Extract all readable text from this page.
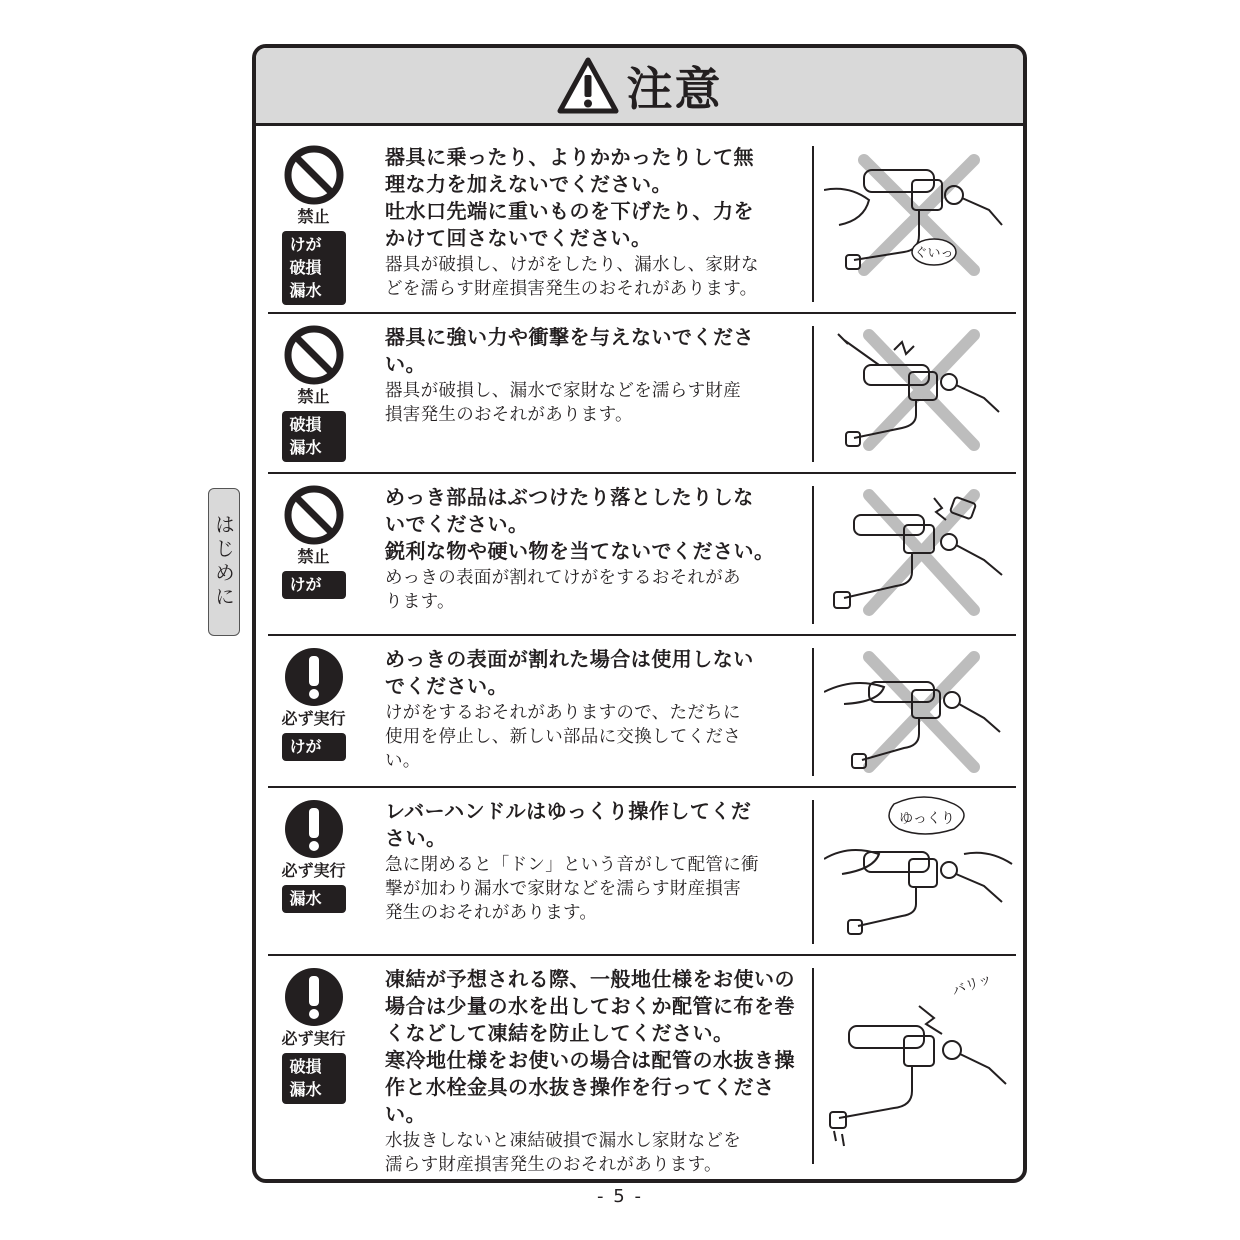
注意
禁止
けが
破損
漏水
器具に乗ったり、よりかかったりして無
理な力を加えないでください。
吐水口先端に重いものを下げたり、力を
かけて回さないでください。
器具が破損し、けがをしたり、漏水し、家財な
どを濡らす財産損害発生のおそれがあります。
ぐいっ
禁止
破損
漏水
器具に強い力や衝撃を与えないでくださ
い。
器具が破損し、漏水で家財などを濡らす財産
損害発生のおそれがあります。
禁止
けが
めっき部品はぶつけたり落としたりしな
いでください。
鋭利な物や硬い物を当てないでください。
めっきの表面が割れてけがをするおそれがあ
ります。
必ず実行
けが
めっきの表面が割れた場合は使用しない
でください。
けがをするおそれがありますので、ただちに
使用を停止し、新しい部品に交換してくださ
い。
必ず実行
漏水
レバーハンドルはゆっくり操作してくだ
さい。
急に閉めると「ドン」という音がして配管に衝
撃が加わり漏水で家財などを濡らす財産損害
発生のおそれがあります。
ゆっくり
必ず実行
破損
漏水
凍結が予想される際、一般地仕様をお使いの
場合は少量の水を出しておくか配管に布を巻
くなどして凍結を防止してください。
寒冷地仕様をお使いの場合は配管の水抜き操
作と水栓金具の水抜き操作を行ってください。
水抜きしないと凍結破損で漏水し家財などを
濡らす財産損害発生のおそれがあります。
バリッ
はじめに
- 5 -
